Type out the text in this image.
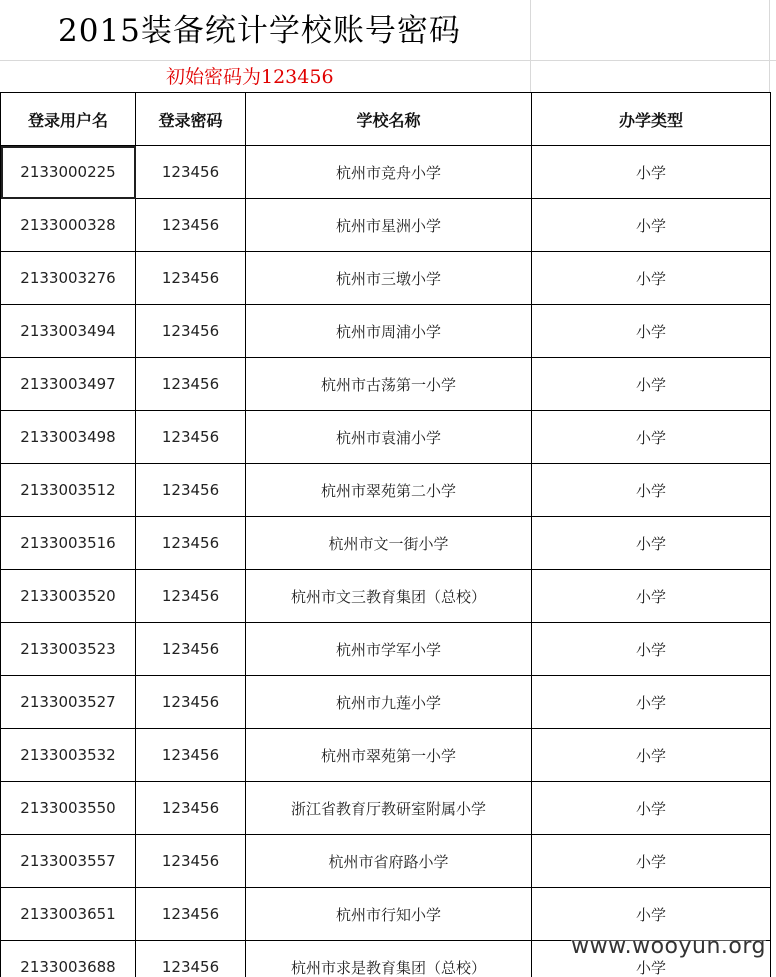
2015装备统计学校账号密码
初始密码为123456
登录用户名	登录密码	学校名称	办学类型
2133000225	123456	杭州市竞舟小学	小学
2133000328	123456	杭州市星洲小学	小学
2133003276	123456	杭州市三墩小学	小学
2133003494	123456	杭州市周浦小学	小学
2133003497	123456	杭州市古荡第一小学	小学
2133003498	123456	杭州市袁浦小学	小学
2133003512	123456	杭州市翠苑第二小学	小学
2133003516	123456	杭州市文一街小学	小学
2133003520	123456	杭州市文三教育集团（总校）	小学
2133003523	123456	杭州市学军小学	小学
2133003527	123456	杭州市九莲小学	小学
2133003532	123456	杭州市翠苑第一小学	小学
2133003550	123456	浙江省教育厅教研室附属小学	小学
2133003557	123456	杭州市省府路小学	小学
2133003651	123456	杭州市行知小学	小学
2133003688	123456	杭州市求是教育集团（总校）	小学
www.wooyun.org
